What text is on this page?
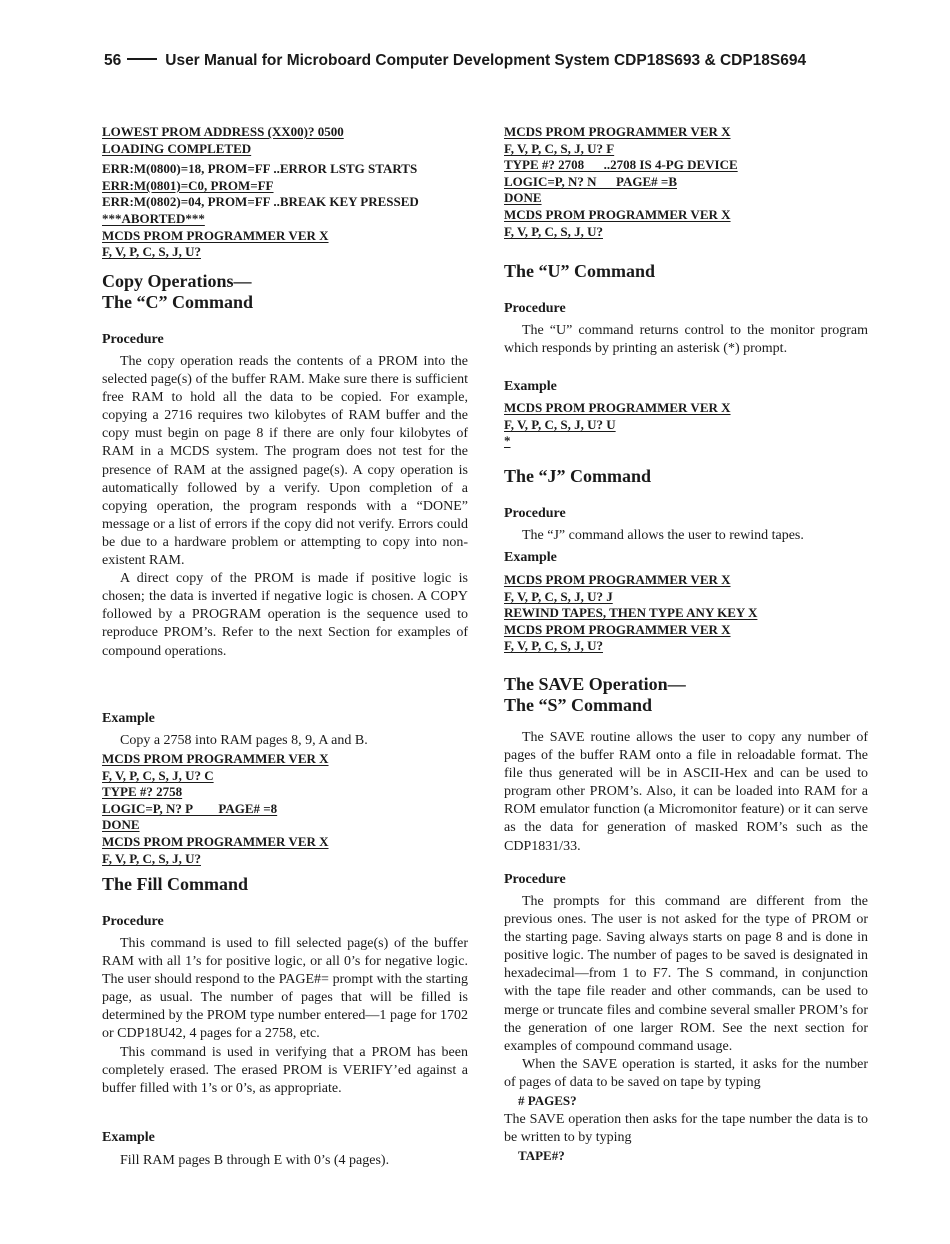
56	User Manual for Microboard Computer Development System CDP18S693 & CDP18S694
LOWEST PROM ADDRESS (XX00)? 0500
LOADING COMPLETED
ERR:M(0800)=18, PROM=FF ..ERROR LSTG STARTS
ERR:M(0801)=C0, PROM=FF
ERR:M(0802)=04, PROM=FF ..BREAK KEY PRESSED
***ABORTED***
MCDS PROM PROGRAMMER VER X
F, V, P, C, S, J, U?
Copy Operations—
The “C” Command
Procedure

The copy operation reads the contents of a PROM into the selected page(s) of the buffer RAM. Make sure there is sufficient free RAM to hold all the data to be copied. For example, copying a 2716 requires two kilobytes of RAM buffer and the copy must begin on page 8 if there are only four kilobytes of RAM in a MCDS system. The program does not test for the presence of RAM at the assigned page(s). A copy operation is automatically followed by a verify. Upon completion of a copying operation, the program responds with a “DONE” message or a list of errors if the copy did not verify. Errors could be due to a hardware problem or attempting to copy into non-existent RAM.

A direct copy of the PROM is made if positive logic is chosen; the data is inverted if negative logic is chosen. A COPY followed by a PROGRAM operation is the sequence used to reproduce PROM’s. Refer to the next Section for examples of compound operations.

Example

Copy a 2758 into RAM pages 8, 9, A and B.

MCDS PROM PROGRAMMER VER X
F, V, P, C, S, J, U? C
TYPE #? 2758
LOGIC=P, N? P        PAGE# =8
DONE
MCDS PROM PROGRAMMER VER X
F, V, P, C, S, J, U?
The Fill Command
Procedure

This command is used to fill selected page(s) of the buffer RAM with all 1’s for positive logic, or all 0’s for negative logic. The user should respond to the PAGE#= prompt with the starting page, as usual. The number of pages that will be filled is determined by the PROM type number entered—1 page for 1702 or CDP18U42, 4 pages for a 2758, etc.

This command is used in verifying that a PROM has been completely erased. The erased PROM is VERIFY’ed against a buffer filled with 1’s or 0’s, as appropriate.

Example

Fill RAM pages B through E with 0’s (4 pages).

MCDS PROM PROGRAMMER VER X
F, V, P, C, S, J, U? F
TYPE #? 2708      ..2708 IS 4-PG DEVICE
LOGIC=P, N? N      PAGE# =B
DONE
MCDS PROM PROGRAMMER VER X
F, V, P, C, S, J, U?
The “U” Command
Procedure

The “U” command returns control to the monitor program which responds by printing an asterisk (*) prompt.

Example
MCDS PROM PROGRAMMER VER X
F, V, P, C, S, J, U? U
*
The “J” Command
Procedure

The “J” command allows the user to rewind tapes.

Example
MCDS PROM PROGRAMMER VER X
F, V, P, C, S, J, U? J
REWIND TAPES, THEN TYPE ANY KEY X
MCDS PROM PROGRAMMER VER X
F, V, P, C, S, J, U?
The SAVE Operation—
The “S” Command

The SAVE routine allows the user to copy any number of pages of the buffer RAM onto a file in reloadable format. The file thus generated will be in ASCII-Hex and can be used to program other PROM’s. Also, it can be loaded into RAM for a ROM emulator function (a Micromonitor feature) or it can serve as the data for generation of masked ROM’s such as the CDP1831/33.

Procedure

The prompts for this command are different from the previous ones. The user is not asked for the type of PROM or the starting page. Saving always starts on page 8 and is done in positive logic. The number of pages to be saved is designated in hexadecimal—from 1 to F7. The S command, in conjunction with the tape file reader and other commands, can be used to merge or truncate files and combine several smaller PROM’s for the generation of one larger ROM. See the next section for examples of compound command usage.

When the SAVE operation is started, it asks for the number of pages of data to be saved on tape by typing

# PAGES?

The SAVE operation then asks for the tape number the data is to be written to by typing

TAPE#?
